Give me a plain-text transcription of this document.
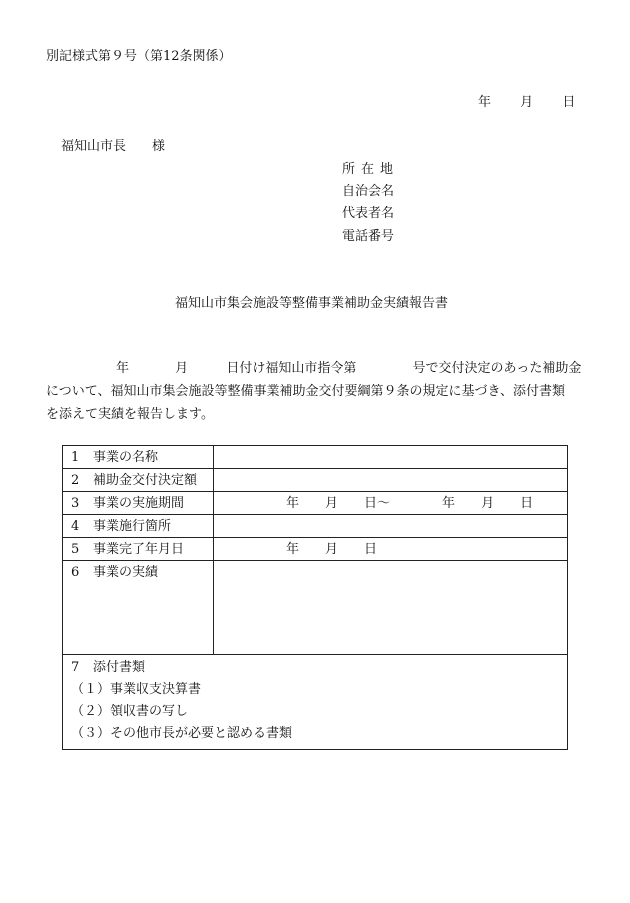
別記様式第９号（第12条関係）
年 月 日
福知山市長 様
所在地
自治会名
代表者名
電話番号
福知山市集会施設等整備事業補助金実績報告書
年	月	日付け福知山市指令第	号で交付決定のあった補助金
について、福知山市集会施設等整備事業補助金交付要綱第９条の規定に基づき、添付書類
を添えて実績を報告します。
1 事業の名称	
2 補助金交付決定額	
3 事業の実施期間	年 月 日〜 年 月 日
4 事業施行箇所	
5 事業完了年月日	年 月 日
6 事業の実績	

7 添付書類
（１）事業収支決算書
（２）領収書の写し
（３）その他市長が必要と認める書類	
